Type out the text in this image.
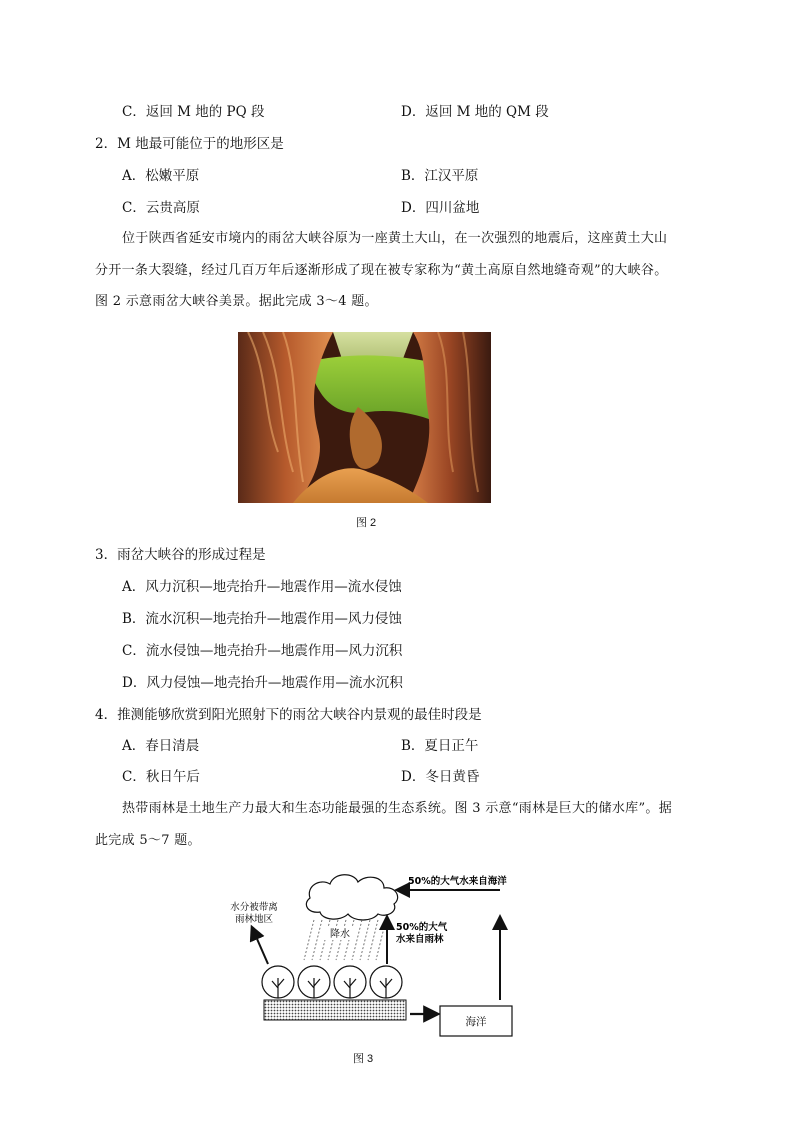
C．返回 M 地的 PQ 段	D．返回 M 地的 QM 段
2．M 地最可能位于的地形区是
A．松嫩平原	B．江汉平原
C．云贵高原	D．四川盆地
位于陕西省延安市境内的雨岔大峡谷原为一座黄土大山，在一次强烈的地震后，这座黄土大山
分开一条大裂缝，经过几百万年后逐渐形成了现在被专家称为“黄土高原自然地缝奇观”的大峡谷。
图 2 示意雨岔大峡谷美景。据此完成 3～4 题。
图 2
3．雨岔大峡谷的形成过程是
A．风力沉积—地壳抬升—地震作用—流水侵蚀
B．流水沉积—地壳抬升—地震作用—风力侵蚀
C．流水侵蚀—地壳抬升—地震作用—风力沉积
D．风力侵蚀—地壳抬升—地震作用—流水沉积
4．推测能够欣赏到阳光照射下的雨岔大峡谷内景观的最佳时段是
A．春日清晨	B．夏日正午
C．秋日午后	D．冬日黄昏
热带雨林是土地生产力最大和生态功能最强的生态系统。图 3 示意“雨林是巨大的储水库”。据
此完成 5～7 题。
降水
50%的大气水来自海洋
水分被带离
雨林地区
50%的大气
水来自雨林
海洋
图 3
